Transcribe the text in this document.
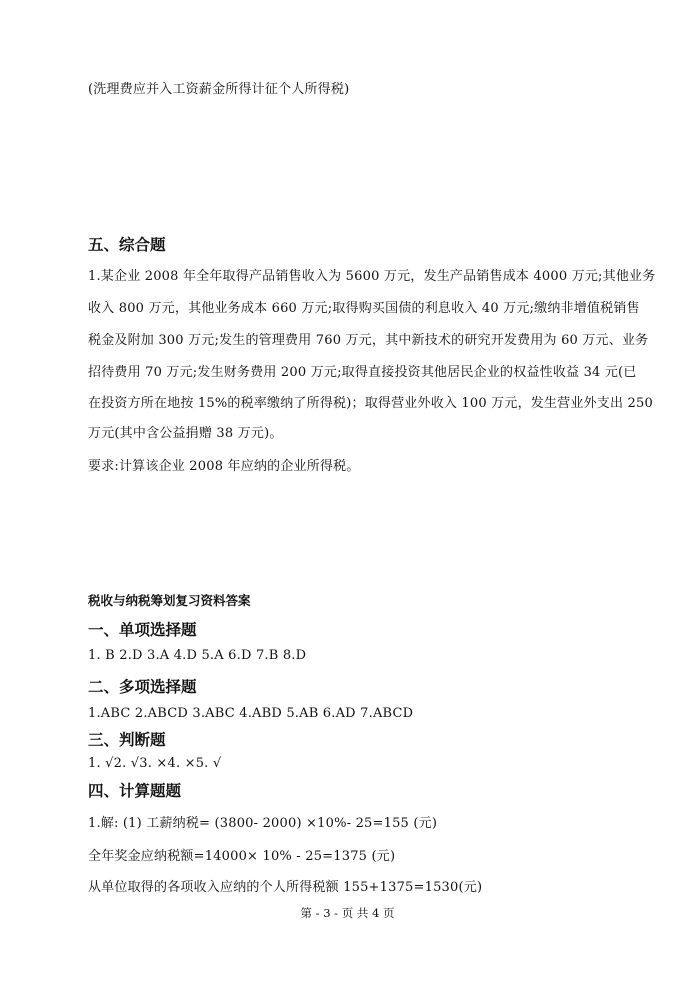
(洗理费应并入工资薪金所得计征个人所得税)
五、综合题
1.某企业 2008 年全年取得产品销售收入为 5600 万元，发生产品销售成本 4000 万元;其他业务
收入 800 万元，其他业务成本 660 万元;取得购买国债的利息收入 40 万元;缴纳非增值税销售
税金及附加 300 万元;发生的管理费用 760 万元，其中新技术的研究开发费用为 60 万元、业务
招待费用 70 万元;发生财务费用 200 万元;取得直接投资其他居民企业的权益性收益 34 元(已
在投资方所在地按 15%的税率缴纳了所得税)；取得营业外收入 100 万元，发生营业外支出 250
万元(其中含公益捐赠 38 万元)。
要求:计算该企业 2008 年应纳的企业所得税。
税收与纳税筹划复习资料答案
一、单项选择题
1. B 2.D 3.A 4.D 5.A 6.D 7.B 8.D
二、多项选择题
1.ABC 2.ABCD 3.ABC 4.ABD 5.AB 6.AD 7.ABCD
三、判断题
1. √2. √3. ×4. ×5. √
四、计算题题
1.解: (1) 工薪纳税= (3800- 2000) ×10%- 25=155 (元)
全年奖金应纳税额=14000× 10% - 25=1375 (元)
从单位取得的各项收入应纳的个人所得税额 155+1375=1530(元)
第 - 3 - 页 共 4 页
